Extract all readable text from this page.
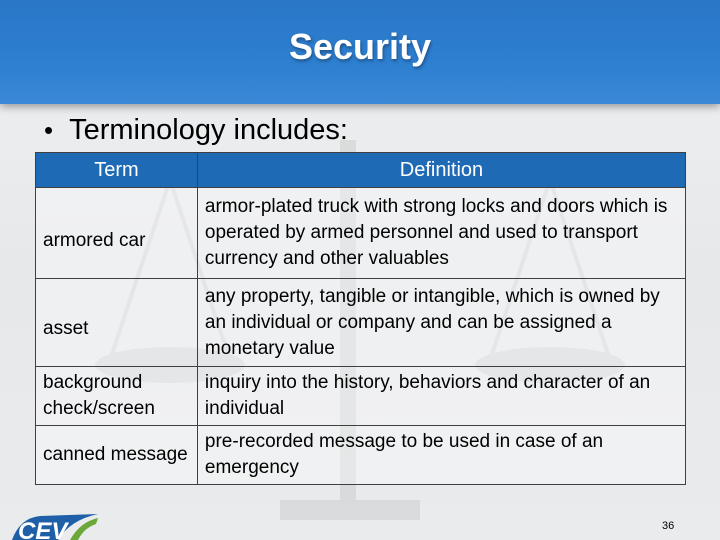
Security
• Terminology includes:
Term	Definition
armored car	armor-plated truck with strong locks and doors which is operated by armed personnel and used to transport currency and other valuables
asset	any property, tangible or intangible, which is owned by an individual or company and can be assigned a monetary value
background check/screen	inquiry into the history, behaviors and character of an individual
canned message	pre-recorded message to be used in case of an emergency
36
CEV
